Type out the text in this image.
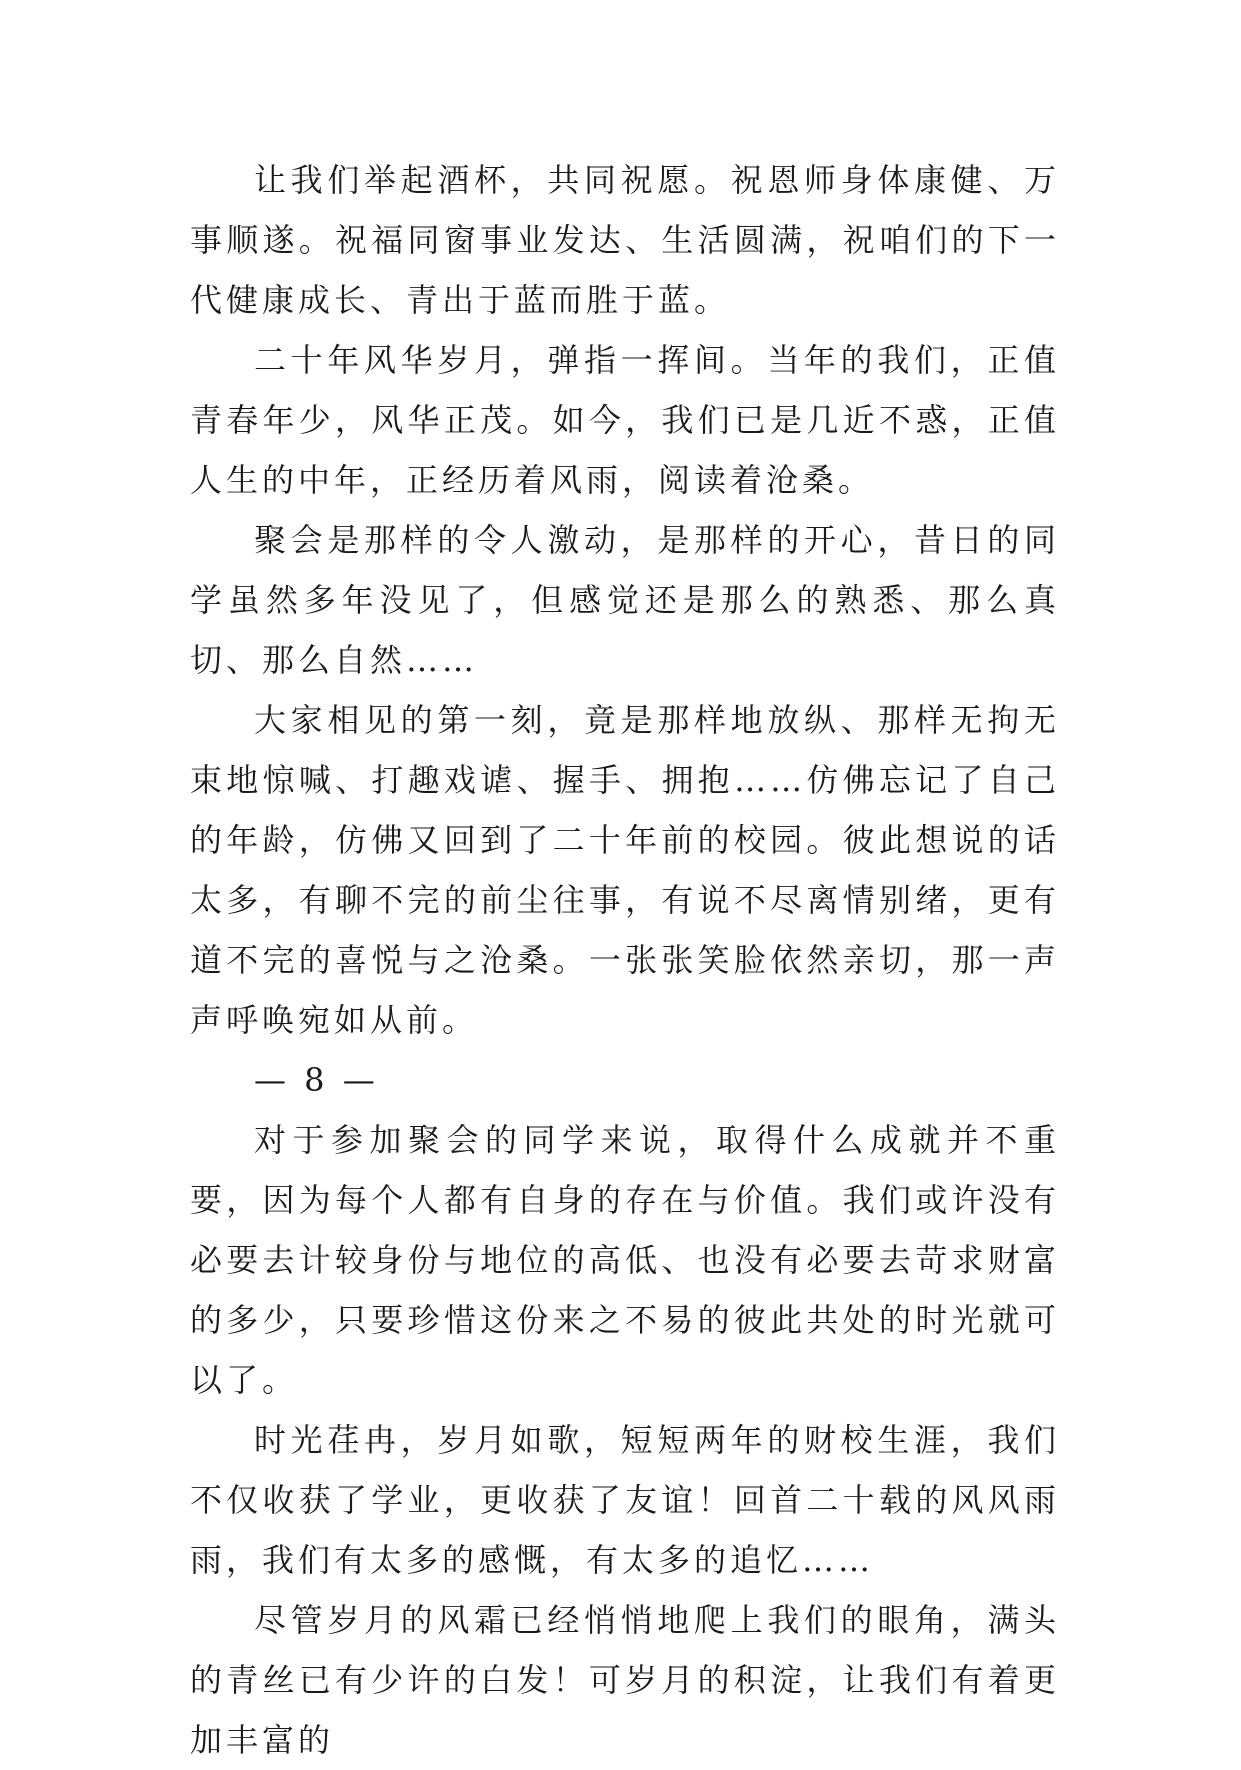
让我们举起酒杯，共同祝愿。祝恩师身体康健、万事顺遂。祝福同窗事业发达、生活圆满，祝咱们的下一代健康成长、青出于蓝而胜于蓝。

二十年风华岁月，弹指一挥间。当年的我们，正值青春年少，风华正茂。如今，我们已是几近不惑，正值人生的中年，正经历着风雨，阅读着沧桑。

聚会是那样的令人激动，是那样的开心，昔日的同学虽然多年没见了，但感觉还是那么的熟悉、那么真切、那么自然……

大家相见的第一刻，竟是那样地放纵、那样无拘无束地惊喊、打趣戏谑、握手、拥抱……仿佛忘记了自己的年龄，仿佛又回到了二十年前的校园。彼此想说的话太多，有聊不完的前尘往事，有说不尽离情别绪，更有道不完的喜悦与之沧桑。一张张笑脸依然亲切，那一声声呼唤宛如从前。

— 8 —

对于参加聚会的同学来说，取得什么成就并不重要，因为每个人都有自身的存在与价值。我们或许没有必要去计较身份与地位的高低、也没有必要去苛求财富的多少，只要珍惜这份来之不易的彼此共处的时光就可以了。

时光荏冉，岁月如歌，短短两年的财校生涯，我们不仅收获了学业，更收获了友谊！回首二十载的风风雨雨，我们有太多的感慨，有太多的追忆……

尽管岁月的风霜已经悄悄地爬上我们的眼角，满头的青丝已有少许的白发！可岁月的积淀，让我们有着更加丰富的
